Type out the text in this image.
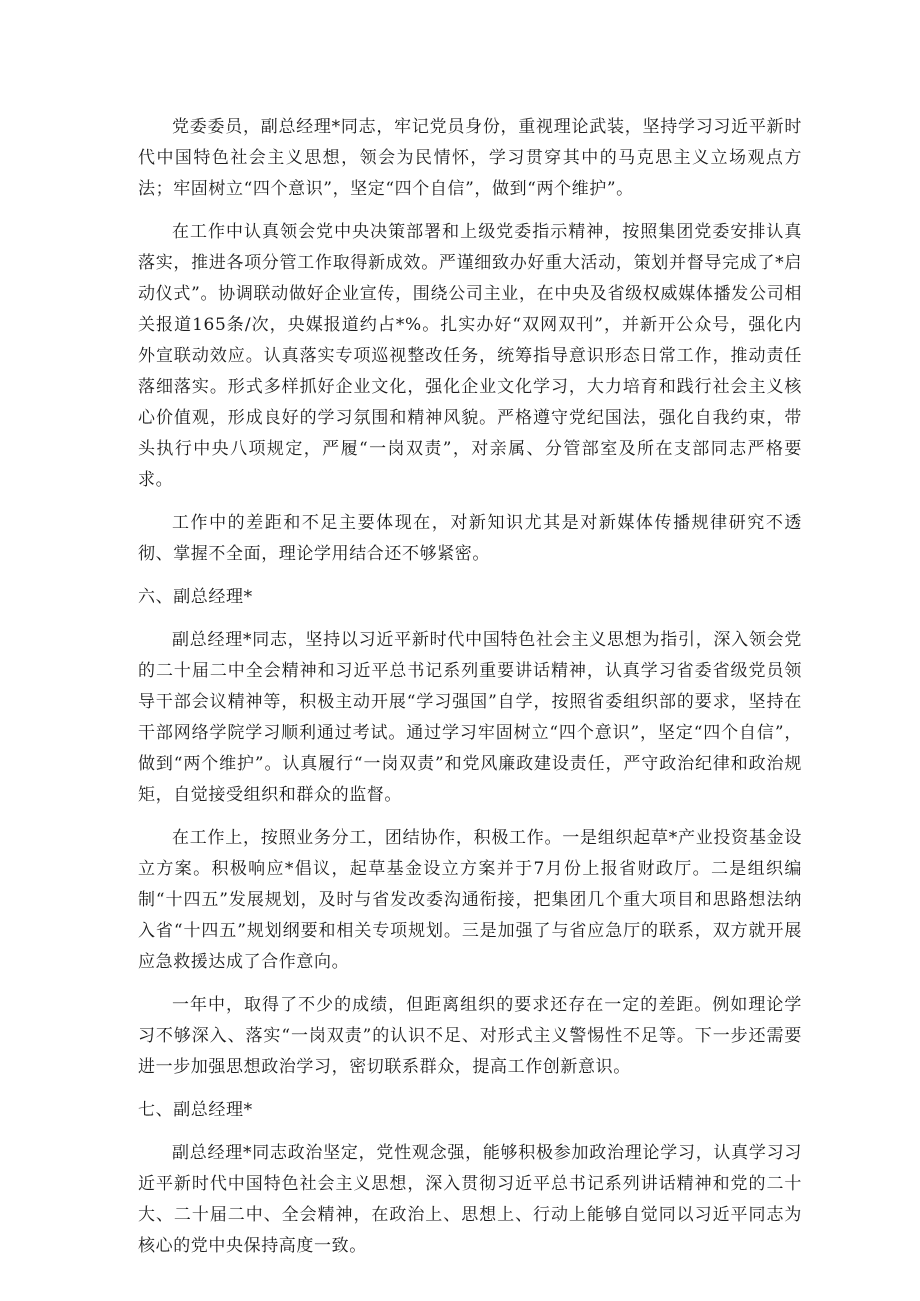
党委委员，副总经理*同志，牢记党员身份，重视理论武装，坚持学习习近平新时代中国特色社会主义思想，领会为民情怀，学习贯穿其中的马克思主义立场观点方法；牢固树立“四个意识”，坚定“四个自信”，做到“两个维护”。

在工作中认真领会党中央决策部署和上级党委指示精神，按照集团党委安排认真落实，推进各项分管工作取得新成效。严谨细致办好重大活动，策划并督导完成了*启动仪式”。协调联动做好企业宣传，围绕公司主业，在中央及省级权威媒体播发公司相关报道165条/次，央媒报道约占*%。扎实办好“双网双刊”，并新开公众号，强化内外宣联动效应。认真落实专项巡视整改任务，统筹指导意识形态日常工作，推动责任落细落实。形式多样抓好企业文化，强化企业文化学习，大力培育和践行社会主义核心价值观，形成良好的学习氛围和精神风貌。严格遵守党纪国法，强化自我约束，带头执行中央八项规定，严履“一岗双责”，对亲属、分管部室及所在支部同志严格要求。

工作中的差距和不足主要体现在，对新知识尤其是对新媒体传播规律研究不透彻、掌握不全面，理论学用结合还不够紧密。

六、副总经理*

副总经理*同志，坚持以习近平新时代中国特色社会主义思想为指引，深入领会党的二十届二中全会精神和习近平总书记系列重要讲话精神，认真学习省委省级党员领导干部会议精神等，积极主动开展“学习强国”自学，按照省委组织部的要求，坚持在干部网络学院学习顺利通过考试。通过学习牢固树立“四个意识”，坚定“四个自信”，做到“两个维护”。认真履行“一岗双责”和党风廉政建设责任，严守政治纪律和政治规矩，自觉接受组织和群众的监督。

在工作上，按照业务分工，团结协作，积极工作。一是组织起草*产业投资基金设立方案。积极响应*倡议，起草基金设立方案并于7月份上报省财政厅。二是组织编制“十四五”发展规划，及时与省发改委沟通衔接，把集团几个重大项目和思路想法纳入省“十四五”规划纲要和相关专项规划。三是加强了与省应急厅的联系，双方就开展应急救援达成了合作意向。

一年中，取得了不少的成绩，但距离组织的要求还存在一定的差距。例如理论学习不够深入、落实“一岗双责”的认识不足、对形式主义警惕性不足等。下一步还需要进一步加强思想政治学习，密切联系群众，提高工作创新意识。

七、副总经理*

副总经理*同志政治坚定，党性观念强，能够积极参加政治理论学习，认真学习习近平新时代中国特色社会主义思想，深入贯彻习近平总书记系列讲话精神和党的二十大、二十届二中、全会精神，在政治上、思想上、行动上能够自觉同以习近平同志为核心的党中央保持高度一致。
